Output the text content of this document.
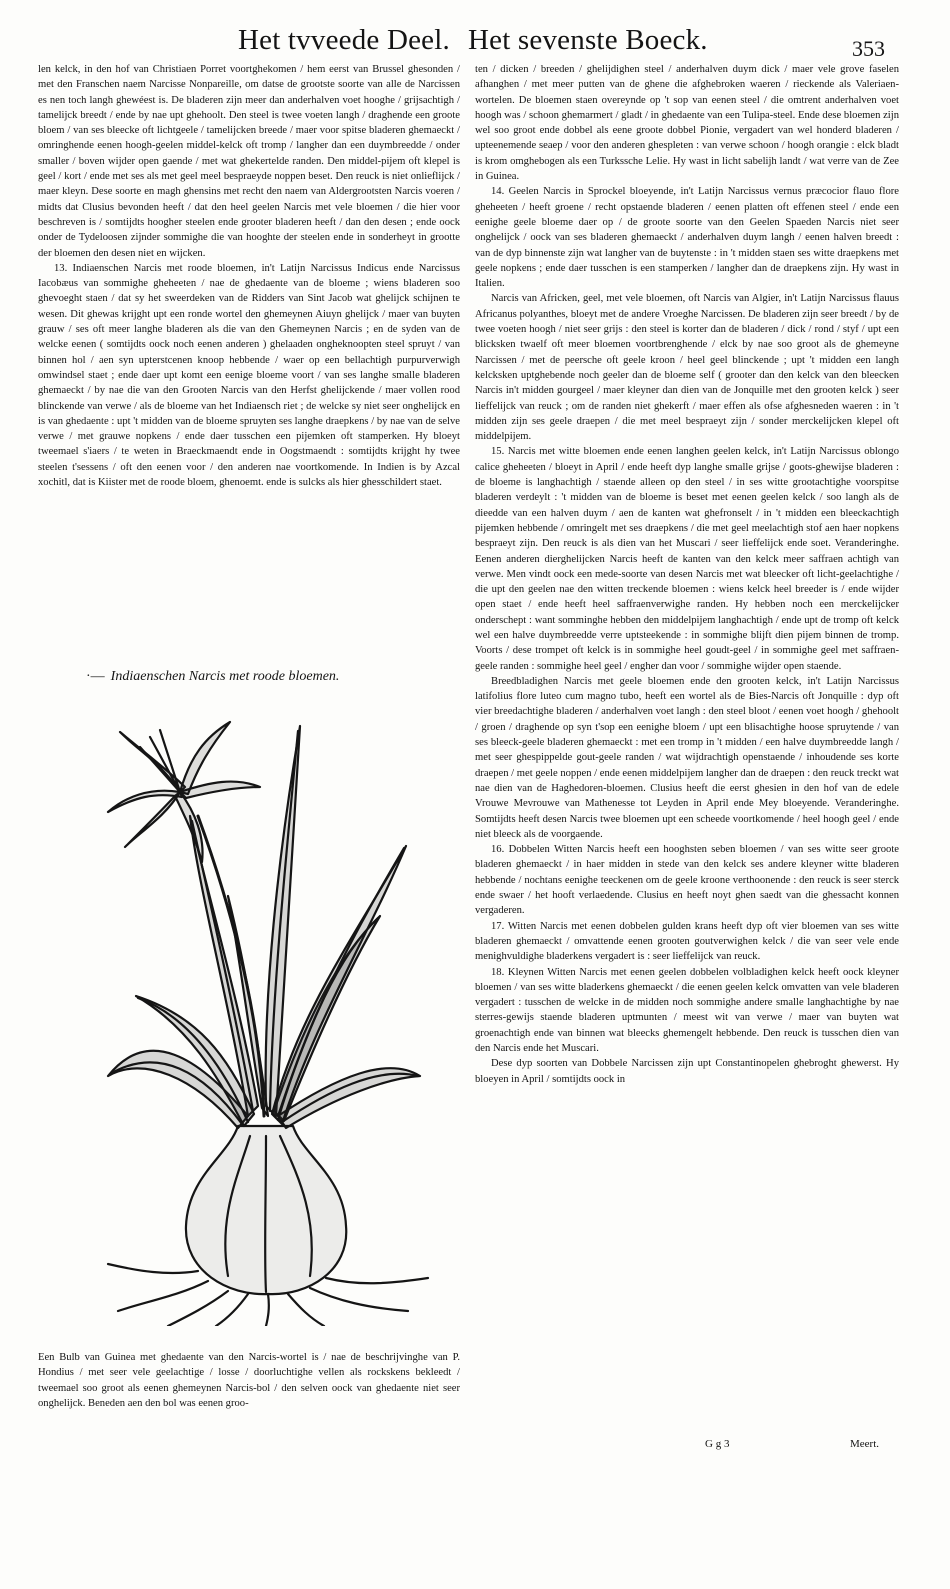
Het tvveede Deel. Het sevenste Boeck.	353

len kelck, in den hof van Christiaen Porret voortghekomen / hem eerst van Brussel ghesonden / met den Franschen naem Narcisse Nonpareille, om datse de grootste soorte van alle de Narcissen es nen toch langh ghewéest is. De bladeren zijn meer dan anderhalven voet hooghe / grijsachtigh / tamelijck breedt / ende by nae upt ghehoolt. Den steel is twee voeten langh / draghende een groote bloem / van ses bleecke oft lichtgeele / tamelijcken breede / maer voor spitse bladeren ghemaeckt / omringhende eenen hoogh-geelen middel-kelck oft tromp / langher dan een duymbreedde / onder smaller / boven wijder open gaende / met wat ghekertelde randen. Den middel-pijem oft klepel is geel / kort / ende met ses als met geel meel bespraeyde noppen beset. Den reuck is niet onlieflijck / maer kleyn. Dese soorte en magh ghensins met recht den naem van Aldergrootsten Narcis voeren / midts dat Clusius bevonden heeft / dat den heel geelen Narcis met vele bloemen / die hier voor beschreven is / somtijdts hoogher steelen ende grooter bladeren heeft / dan den desen ; ende oock onder de Tydeloosen zijnder sommighe die van hooghte der steelen ende in sonderheyt in grootte der bloemen den desen niet en wijcken.

13. Indiaenschen Narcis met roode bloemen, in't Latijn Narcissus Indicus ende Narcissus Iacobæus van sommighe gheheeten / nae de ghedaente van de bloeme ; wiens bladeren soo ghevoeght staen / dat sy het sweerdeken van de Ridders van Sint Jacob wat ghelijck schijnen te wesen. Dit ghewas krijght upt een ronde wortel den ghemeynen Aiuyn ghelijck / maer van buyten grauw / ses oft meer langhe bladeren als die van den Ghemeynen Narcis ; en de syden van de welcke eenen ( somtijdts oock noch eenen anderen ) ghelaaden ongheknoopten steel spruyt / van binnen hol / aen syn upterstcenen knoop hebbende / waer op een bellachtigh purpurverwigh omwindsel staet ; ende daer upt komt een eenige bloeme voort / van ses langhe smalle bladeren ghemaeckt / by nae die van den Grooten Narcis van den Herfst ghelijckende / maer vollen rood blinckende van verwe / als de bloeme van het Indiaensch riet ; de welcke sy niet seer onghelijck en is van ghedaente : upt 't midden van de bloeme spruyten ses langhe draepkens / by nae van de selve verwe / met grauwe nopkens / ende daer tusschen een pijemken oft stamperken. Hy bloeyt tweemael s'iaers / te weten in Braeckmaendt ende in Oogstmaendt : somtijdts krijght hy twee steelen t'sessens / oft den eenen voor / den anderen nae voortkomende. In Indien is by Azcal xochitl, dat is Kiister met de roode bloem, ghenoemt. ende is sulcks als hier ghesschildert staet.

·— Indiaenschen Narcis met roode bloemen.

Een Bulb van Guinea met ghedaente van den Narcis-wortel is / nae de beschrijvinghe van P. Hondius / met seer vele geelachtige / losse / doorluchtighe vellen als rockskens bekleedt / tweemael soo groot als eenen ghemeynen Narcis-bol / den selven oock van ghedaente niet seer onghelijck. Beneden aen den bol was eenen groo-

ten / dicken / breeden / ghelijdighen steel / anderhalven duym dick / maer vele grove faselen afhanghen / met meer putten van de ghene die afghebroken waeren / rieckende als Valeriaen-wortelen. De bloemen staen overeynde op 't sop van eenen steel / die omtrent anderhalven voet hoogh was / schoon ghemarmert / gladt / in ghedaente van een Tulipa-steel. Ende dese bloemen zijn wel soo groot ende dobbel als eene groote dobbel Pionie, vergadert van wel honderd bladeren / upteenemende seaep / voor den anderen ghespleten : van verwe schoon / hoogh orangie : elck bladt is krom omghebogen als een Turkssche Lelie. Hy wast in licht sabelijh landt / wat verre van de Zee in Guinea.

14. Geelen Narcis in Sprockel bloeyende, in't Latijn Narcissus vernus præcocior flauo flore gheheeten / heeft groene / recht opstaende bladeren / eenen platten oft effenen steel / ende een eenighe geele bloeme daer op / de groote soorte van den Geelen Spaeden Narcis niet seer onghelijck / oock van ses bladeren ghemaeckt / anderhalven duym langh / eenen halven breedt : van de dyp binnenste zijn wat langher van de buytenste : in 't midden staen ses witte draepkens met geele nopkens ; ende daer tusschen is een stamperken / langher dan de draepkens zijn. Hy wast in Italien.

Narcis van Africken, geel, met vele bloemen, oft Narcis van Algier, in't Latijn Narcissus flauus Africanus polyanthes, bloeyt met de andere Vroeghe Narcissen. De bladeren zijn seer breedt / by de twee voeten hoogh / niet seer grijs : den steel is korter dan de bladeren / dick / rond / styf / upt een blicksken twaelf oft meer bloemen voortbrenghende / elck by nae soo groot als de ghemeyne Narcissen / met de peersche oft geele kroon / heel geel blinckende ; upt 't midden een langh kelcksken uptghebende noch geeler dan de bloeme self ( grooter dan den kelck van den bleecken Narcis in't midden gourgeel / maer kleyner dan dien van de Jonquille met den grooten kelck ) seer lieffelijck van reuck ; om de randen niet ghekerft / maer effen als ofse afghesneden waeren : in 't midden zijn ses geele draepen / die met meel bespraeyt zijn / sonder merckelijcken klepel oft middelpijem.

15. Narcis met witte bloemen ende eenen langhen geelen kelck, in't Latijn Narcissus oblongo calice gheheeten / bloeyt in April / ende heeft dyp langhe smalle grijse / goots-ghewijse bladeren : de bloeme is langhachtigh / staende alleen op den steel / in ses witte grootachtighe voorspitse bladeren verdeylt : 't midden van de bloeme is beset met eenen geelen kelck / soo langh als de dieedde van een halven duym / aen de kanten wat ghefronselt / in 't midden een bleeckachtigh pijemken hebbende / omringelt met ses draepkens / die met geel meelachtigh stof aen haer nopkens bespraeyt zijn. Den reuck is als dien van het Muscari / seer lieffelijck ende soet. Veranderinghe. Eenen anderen dierghelijcken Narcis heeft de kanten van den kelck meer saffraen achtigh van verwe. Men vindt oock een mede-soorte van desen Narcis met wat bleecker oft licht-geelachtighe / die upt den geelen nae den witten treckende bloemen : wiens kelck heel breeder is / ende wijder open staet / ende heeft heel saffraenverwighe randen. Hy hebben noch een merckelijcker onderschept : want somminghe hebben den middelpijem langhachtigh / ende upt de tromp oft kelck wel een halve duymbreedde verre uptsteekende : in sommighe blijft dien pijem binnen de tromp. Voorts / dese trompet oft kelck is in sommighe heel goudt-geel / in sommighe geel met saffraen-geele randen : sommighe heel geel / engher dan voor / sommighe wijder open staende.

Breedbladighen Narcis met geele bloemen ende den grooten kelck, in't Latijn Narcissus latifolius flore luteo cum magno tubo, heeft een wortel als de Bies-Narcis oft Jonquille : dyp oft vier breedachtighe bladeren / anderhalven voet langh : den steel bloot / eenen voet hoogh / ghehoolt / groen / draghende op syn t'sop een eenighe bloem / upt een blisachtighe hoose spruytende / van ses bleeck-geele bladeren ghemaeckt : met een tromp in 't midden / een halve duymbreedde langh / met seer ghespippelde gout-geele randen / wat wijdrachtigh openstaende / inhoudende ses korte draepen / met geele noppen / ende eenen middelpijem langher dan de draepen : den reuck treckt wat nae dien van de Haghedoren-bloemen. Clusius heeft die eerst ghesien in den hof van de edele Vrouwe Mevrouwe van Mathenesse tot Leyden in April ende Mey bloeyende. Veranderinghe. Somtijdts heeft desen Narcis twee bloemen upt een scheede voortkomende / heel hoogh geel / ende niet bleeck als de voorgaende.

16. Dobbelen Witten Narcis heeft een hooghsten seben bloemen / van ses witte seer groote bladeren ghemaeckt / in haer midden in stede van den kelck ses andere kleyner witte bladeren hebbende / nochtans eenighe teeckenen om de geele kroone verthoonende : den reuck is seer sterck ende swaer / het hooft verlaedende. Clusius en heeft noyt ghen saedt van die ghessacht konnen vergaderen.

17. Witten Narcis met eenen dobbelen gulden krans heeft dyp oft vier bloemen van ses witte bladeren ghemaeckt / omvattende eenen grooten goutverwighen kelck / die van seer vele ende menighvuldighe bladerkens vergadert is : seer lieffelijck van reuck.

18. Kleynen Witten Narcis met eenen geelen dobbelen volbladighen kelck heeft oock kleyner bloemen / van ses witte bladerkens ghemaeckt / die eenen geelen kelck omvatten van vele bladeren vergadert : tusschen de welcke in de midden noch sommighe andere smalle langhachtighe by nae sterres-gewijs staende bladeren uptmunten / meest wit van verwe / maer van buyten wat groenachtigh ende van binnen wat bleecks ghemengelt hebbende. Den reuck is tusschen dien van den Narcis ende het Muscari.

Dese dyp soorten van Dobbele Narcissen zijn upt Constantinopelen ghebroght ghewerst. Hy bloeyen in April / somtijdts oock in

G g 3	Meert.
